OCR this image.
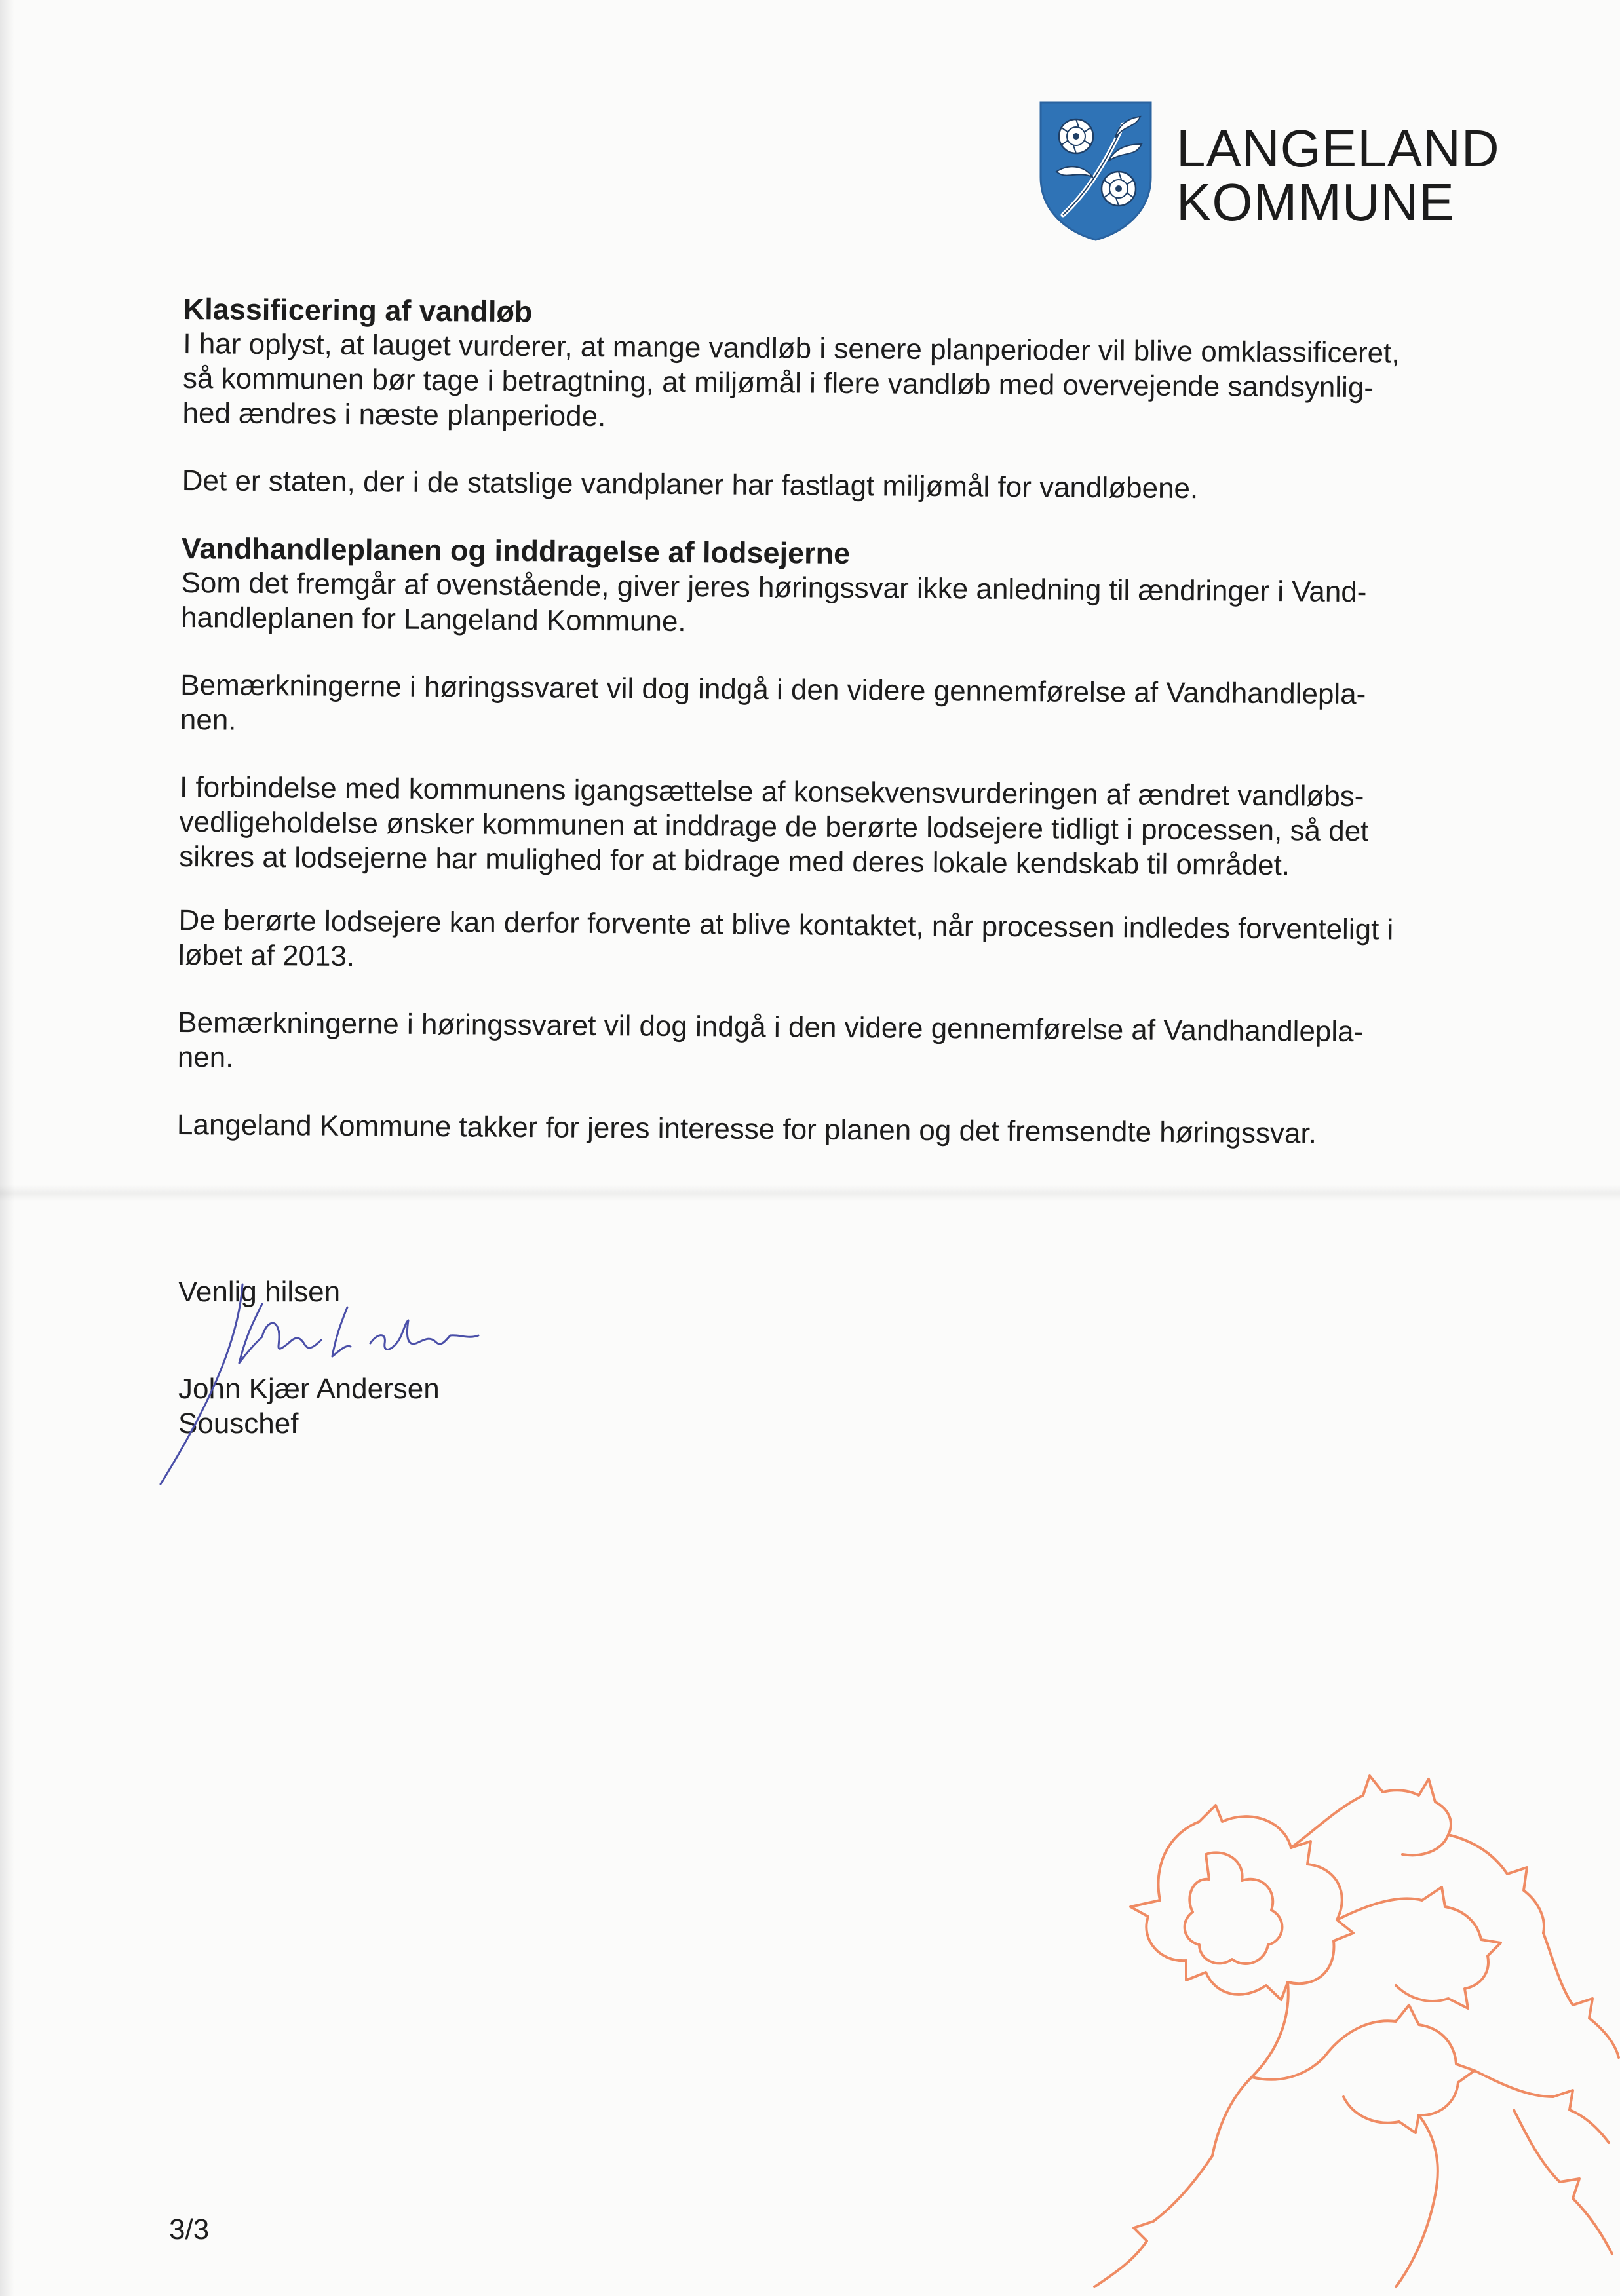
LANGELAND
KOMMUNE

Klassificering af vandløb

I har oplyst, at lauget vurderer, at mange vandløb i senere planperioder vil blive omklassificeret,

så kommunen bør tage i betragtning, at miljømål i flere vandløb med overvejende sandsynlig-

hed ændres i næste planperiode.

Det er staten, der i de statslige vandplaner har fastlagt miljømål for vandløbene.

Vandhandleplanen og inddragelse af lodsejerne

Som det fremgår af ovenstående, giver jeres høringssvar ikke anledning til ændringer i Vand-

handleplanen for Langeland Kommune.

Bemærkningerne i høringssvaret vil dog indgå i den videre gennemførelse af Vandhandlepla-

nen.

I forbindelse med kommunens igangsættelse af konsekvensvurderingen af ændret vandløbs-

vedligeholdelse ønsker kommunen at inddrage de berørte lodsejere tidligt i processen, så det

sikres at lodsejerne har mulighed for at bidrage med deres lokale kendskab til området.

De berørte lodsejere kan derfor forvente at blive kontaktet, når processen indledes forventeligt i

løbet af 2013.

Bemærkningerne i høringssvaret vil dog indgå i den videre gennemførelse af Vandhandlepla-

nen.

Langeland Kommune takker for jeres interesse for planen og det fremsendte høringssvar.

Venlig hilsen
John Kjær Andersen
Souschef
3/3
